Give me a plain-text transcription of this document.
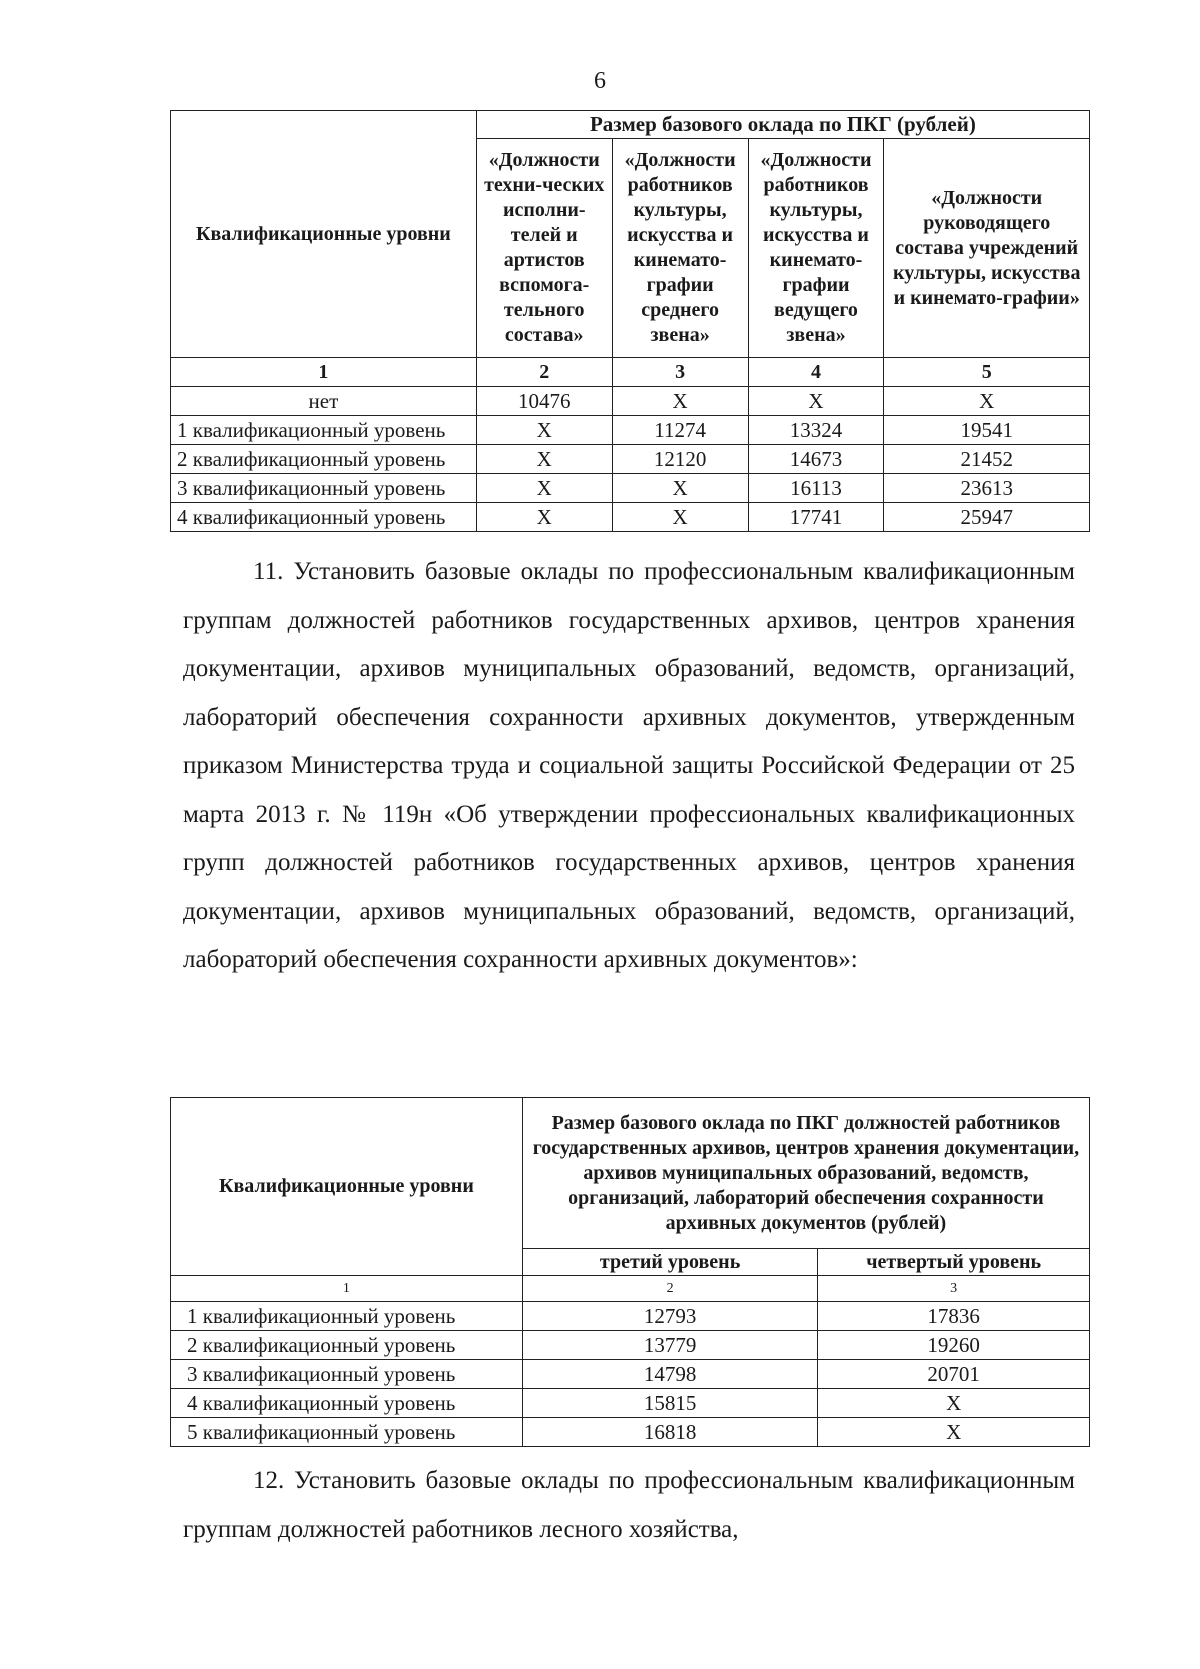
6
Квалификационные уровни	Размер базового оклада по ПКГ (рублей)			
	«Должности техни-ческих исполни-телей и артистов вспомога-тельного состава»	«Должности работников культуры, искусства и кинемато-графии среднего звена»	«Должности работников культуры, искусства и кинемато-графии ведущего звена»	«Должности руководящего состава учреждений культуры, искусства и кинемато-графии»
1	2	3	4	5
нет	10476	X	X	X
1 квалификационный уровень	X	11274	13324	19541
2 квалификационный уровень	X	12120	14673	21452
3 квалификационный уровень	X	X	16113	23613
4 квалификационный уровень	X	X	17741	25947

11. Установить базовые оклады по профессиональным квалификационным группам должностей работников государственных архивов, центров хранения документации, архивов муниципальных образований, ведомств, организаций, лабораторий обеспечения сохранности архивных документов, утвержденным приказом Министерства труда и социальной защиты Российской Федерации от 25 марта 2013 г. № 119н «Об утверждении профессиональных квалификационных групп должностей работников государственных архивов, центров хранения документации, архивов муниципальных образований, ведомств, организаций, лабораторий обеспечения сохранности архивных документов»:

Квалификационные уровни	Размер базового оклада по ПКГ должностей работников государственных архивов, центров хранения документации, архивов муниципальных образований, ведомств, организаций, лабораторий обеспечения сохранности архивных документов (рублей)	
	третий уровень	четвертый уровень
1	2	3
1 квалификационный уровень	12793	17836
2 квалификационный уровень	13779	19260
3 квалификационный уровень	14798	20701
4 квалификационный уровень	15815	X
5 квалификационный уровень	16818	X

12. Установить базовые оклады по профессиональным квалификационным группам должностей работников лесного хозяйства,
